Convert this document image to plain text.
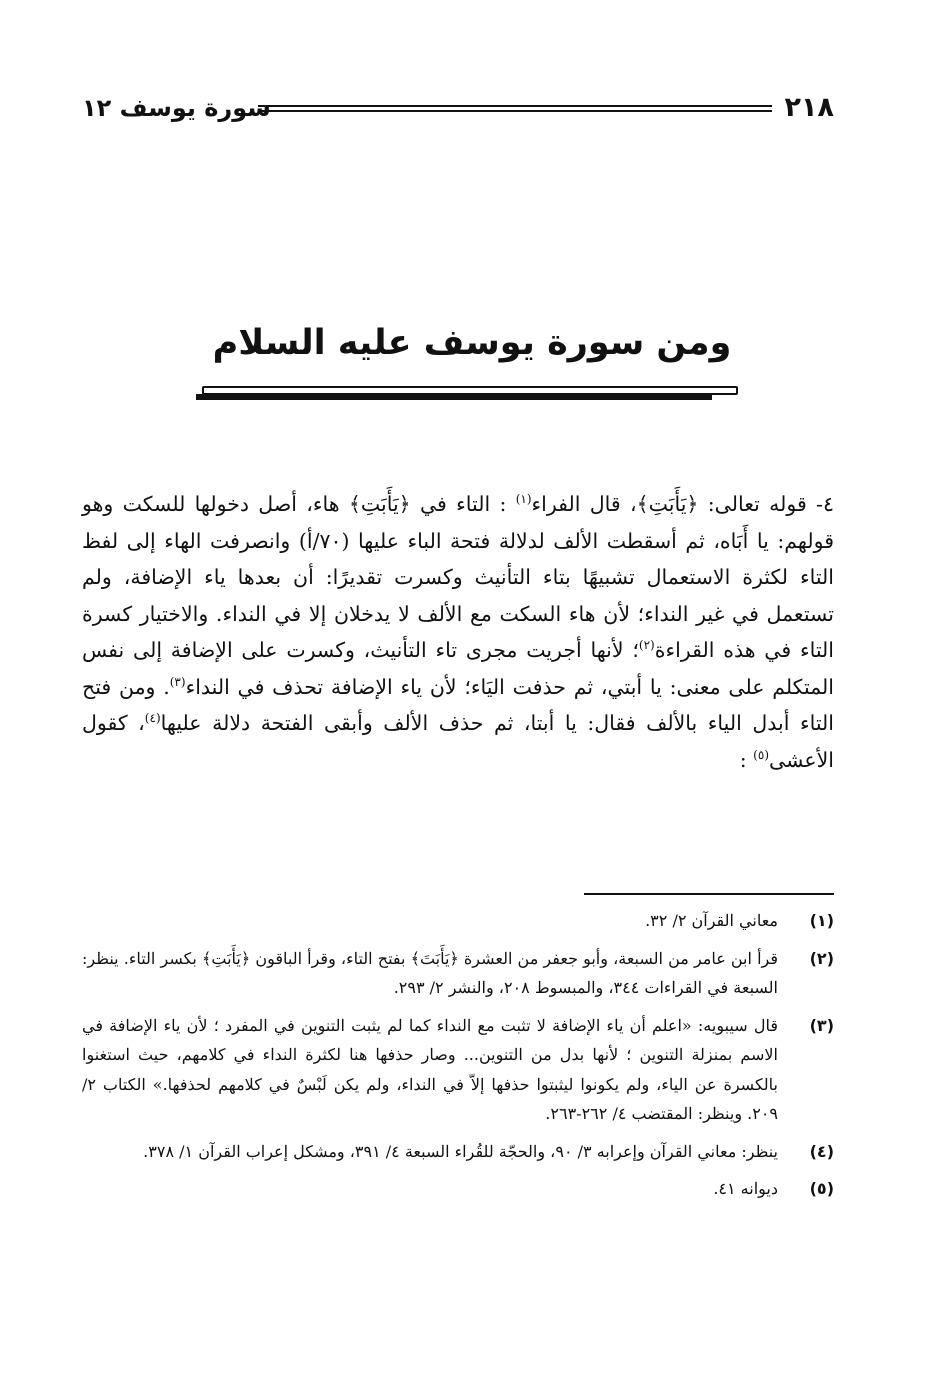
٢١٨
سورة يوسف ١٢
ومن سورة يوسف عليه السلام

٤- قوله تعالى: ﴿يَأَبَتِ﴾، قال الفراء$^{(١)}$ : التاء في ﴿يَأَبَتِ﴾ هاء، أصل دخولها للسكت وهو قولهم: يا أَبَاه، ثم أسقطت الألف لدلالة فتحة الباء عليها (٧٠/أ) وانصرفت الهاء إلى لفظ التاء لكثرة الاستعمال تشبيهًا بتاء التأنيث وكسرت تقديرًا: أن بعدها ياء الإضافة، ولم تستعمل في غير النداء؛ لأن هاء السكت مع الألف لا يدخلان إلا في النداء. والاختيار كسرة التاء في هذه القراءة$^{(٢)}$؛ لأنها أجريت مجرى تاء التأنيث، وكسرت على الإضافة إلى نفس المتكلم على معنى: يا أبتي، ثم حذفت اليَاء؛ لأن ياء الإضافة تحذف في النداء$^{(٣)}$. ومن فتح التاء أبدل الياء بالألف فقال: يا أبتا، ثم حذف الألف وأبقى الفتحة دلالة عليها$^{(٤)}$، كقول الأعشى$^{(٥)}$ :

(١)
معاني القرآن ٢/ ٣٢.
(٢)
قرأ ابن عامر من السبعة، وأبو جعفر من العشرة ﴿يَأَبَتَ﴾ بفتح التاء، وقرأ الباقون ﴿يَأَبَتِ﴾ بكسر التاء. ينظر: السبعة في القراءات ٣٤٤، والمبسوط ٢٠٨، والنشر ٢/ ٢٩٣.
(٣)
قال سيبويه: «اعلم أن ياء الإضافة لا تثبت مع النداء كما لم يثبت التنوين في المفرد ؛ لأن ياء الإضافة في الاسم بمنزلة التنوين ؛ لأنها بدل من التنوين... وصار حذفها هنا لكثرة النداء في كلامهم، حيث استغنوا بالكسرة عن الياء، ولم يكونوا ليثبتوا حذفها إلاّ في النداء، ولم يكن لَبْسٌ في كلامهم لحذفها.» الكتاب ٢/ ٢٠٩. وينظر: المقتضب ٤/ ٢٦٢-٢٦٣.
(٤)
ينظر: معاني القرآن وإعرابه ٣/ ٩٠، والحجّة للقُراء السبعة ٤/ ٣٩١، ومشكل إعراب القرآن ١/ ٣٧٨.
(٥)
ديوانه ٤١.
